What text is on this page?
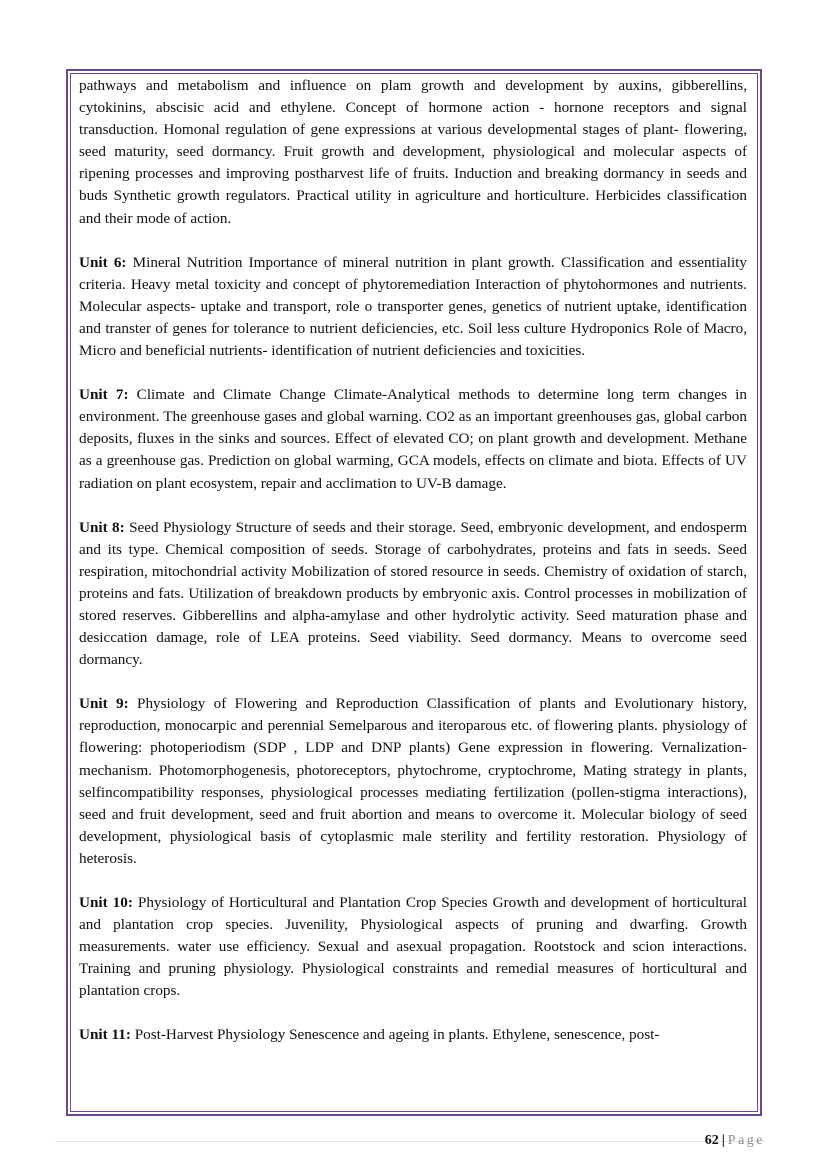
pathways and metabolism and influence on plam growth and development by auxins, gibberellins, cytokinins, abscisic acid and ethylene. Concept of hormone action - hornone receptors and signal transduction. Homonal regulation of gene expressions at various developmental stages of plant- flowering, seed maturity, seed dormancy. Fruit growth and development, physiological and molecular aspects of ripening processes and improving postharvest life of fruits. Induction and breaking dormancy in seeds and buds Synthetic growth regulators. Practical utility in agriculture and horticulture. Herbicides classification and their mode of action.

Unit 6: Mineral Nutrition Importance of mineral nutrition in plant growth. Classification and essentiality criteria. Heavy metal toxicity and concept of phytoremediation Interaction of phytohormones and nutrients. Molecular aspects- uptake and transport, role o transporter genes, genetics of nutrient uptake, identification and transter of genes for tolerance to nutrient deficiencies, etc. Soil less culture Hydroponics Role of Macro, Micro and beneficial nutrients- identification of nutrient deficiencies and toxicities.

Unit 7: Climate and Climate Change Climate-Analytical methods to determine long term changes in environment. The greenhouse gases and global warning. CO2 as an important greenhouses gas, global carbon deposits, fluxes in the sinks and sources. Effect of elevated CO; on plant growth and development. Methane as a greenhouse gas. Prediction on global warming, GCA models, effects on climate and biota. Effects of UV radiation on plant ecosystem, repair and acclimation to UV-B damage.

Unit 8: Seed Physiology Structure of seeds and their storage. Seed, embryonic development, and endosperm and its type. Chemical composition of seeds. Storage of carbohydrates, proteins and fats in seeds. Seed respiration, mitochondrial activity Mobilization of stored resource in seeds. Chemistry of oxidation of starch, proteins and fats. Utilization of breakdown products by embryonic axis. Control processes in mobilization of stored reserves. Gibberellins and alpha-amylase and other hydrolytic activity. Seed maturation phase and desiccation damage, role of LEA proteins. Seed viability. Seed dormancy. Means to overcome seed dormancy.

Unit 9: Physiology of Flowering and Reproduction Classification of plants and Evolutionary history, reproduction, monocarpic and perennial Semelparous and iteroparous etc. of flowering plants. physiology of flowering: photoperiodism (SDP , LDP and DNP plants) Gene expression in flowering. Vernalization-mechanism. Photomorphogenesis, photoreceptors, phytochrome, cryptochrome, Mating strategy in plants, selfincompatibility responses, physiological processes mediating fertilization (pollen-stigma interactions), seed and fruit development, seed and fruit abortion and means to overcome it. Molecular biology of seed development, physiological basis of cytoplasmic male sterility and fertility restoration. Physiology of heterosis.

Unit 10: Physiology of Horticultural and Plantation Crop Species Growth and development of horticultural and plantation crop species. Juvenility, Physiological aspects of pruning and dwarfing. Growth measurements. water use efficiency. Sexual and asexual propagation. Rootstock and scion interactions. Training and pruning physiology. Physiological constraints and remedial measures of horticultural and plantation crops.

Unit 11: Post-Harvest Physiology Senescence and ageing in plants. Ethylene, senescence, post-

62 | Page
